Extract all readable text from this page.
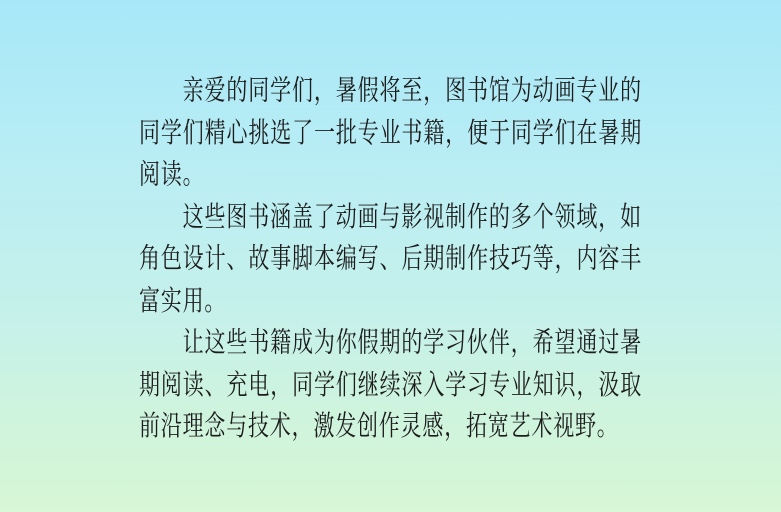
亲爱的同学们，暑假将至，图书馆为动画专业的同学们精心挑选了一批专业书籍，便于同学们在暑期阅读。

这些图书涵盖了动画与影视制作的多个领域，如角色设计、故事脚本编写、后期制作技巧等，内容丰富实用。

让这些书籍成为你假期的学习伙伴，希望通过暑期阅读、充电，同学们继续深入学习专业知识，汲取前沿理念与技术，激发创作灵感，拓宽艺术视野。
